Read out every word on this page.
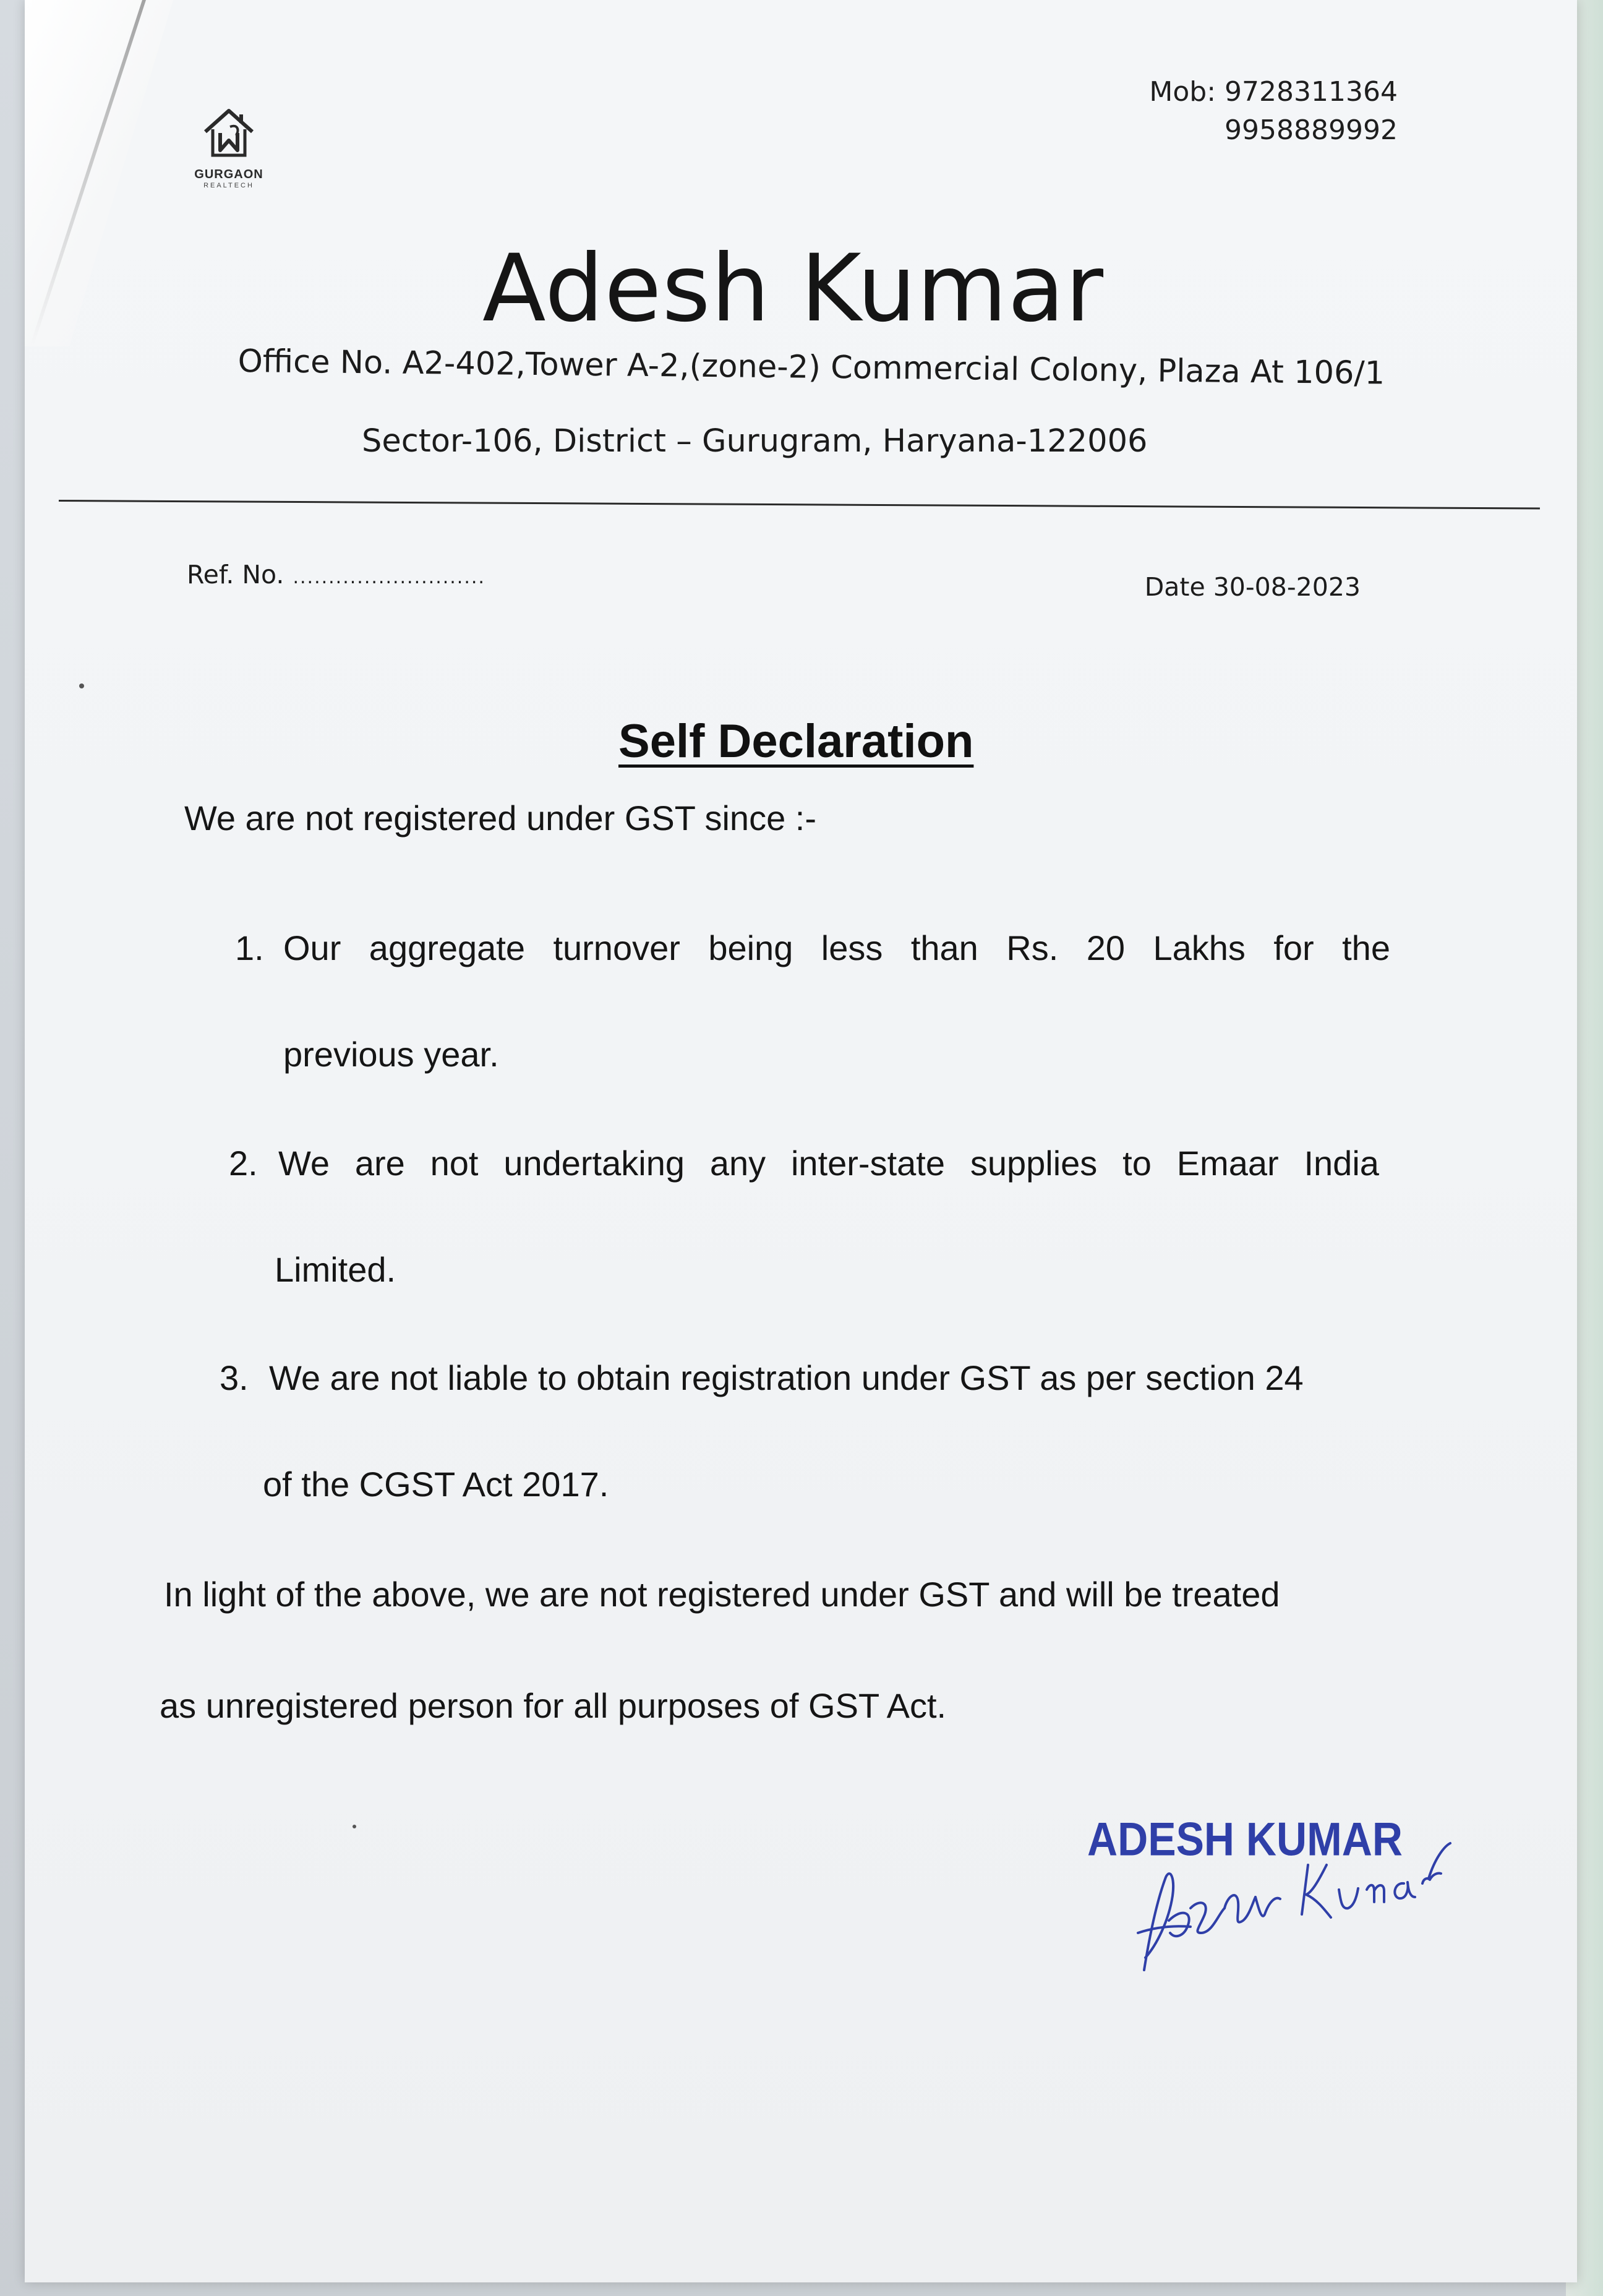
GURGAON
REALTECH
Mob: 9728311364
9958889992
Adesh Kumar
Office No. A2-402,Tower A-2,(zone-2) Commercial Colony, Plaza At 106/1
Sector-106, District – Gurugram, Haryana-122006
Ref. No. ...........................	Date 30-08-2023
Self Declaration
We are not registered under GST since :-
1. Our aggregate turnover being less than Rs. 20 Lakhs for the
previous year.
2. We are not undertaking any inter-state supplies to Emaar India
Limited.
3. We are not liable to obtain registration under GST as per section 24
of the CGST Act 2017.
In light of the above, we are not registered under GST and will be treated
as unregistered person for all purposes of GST Act.
ADESH KUMAR
